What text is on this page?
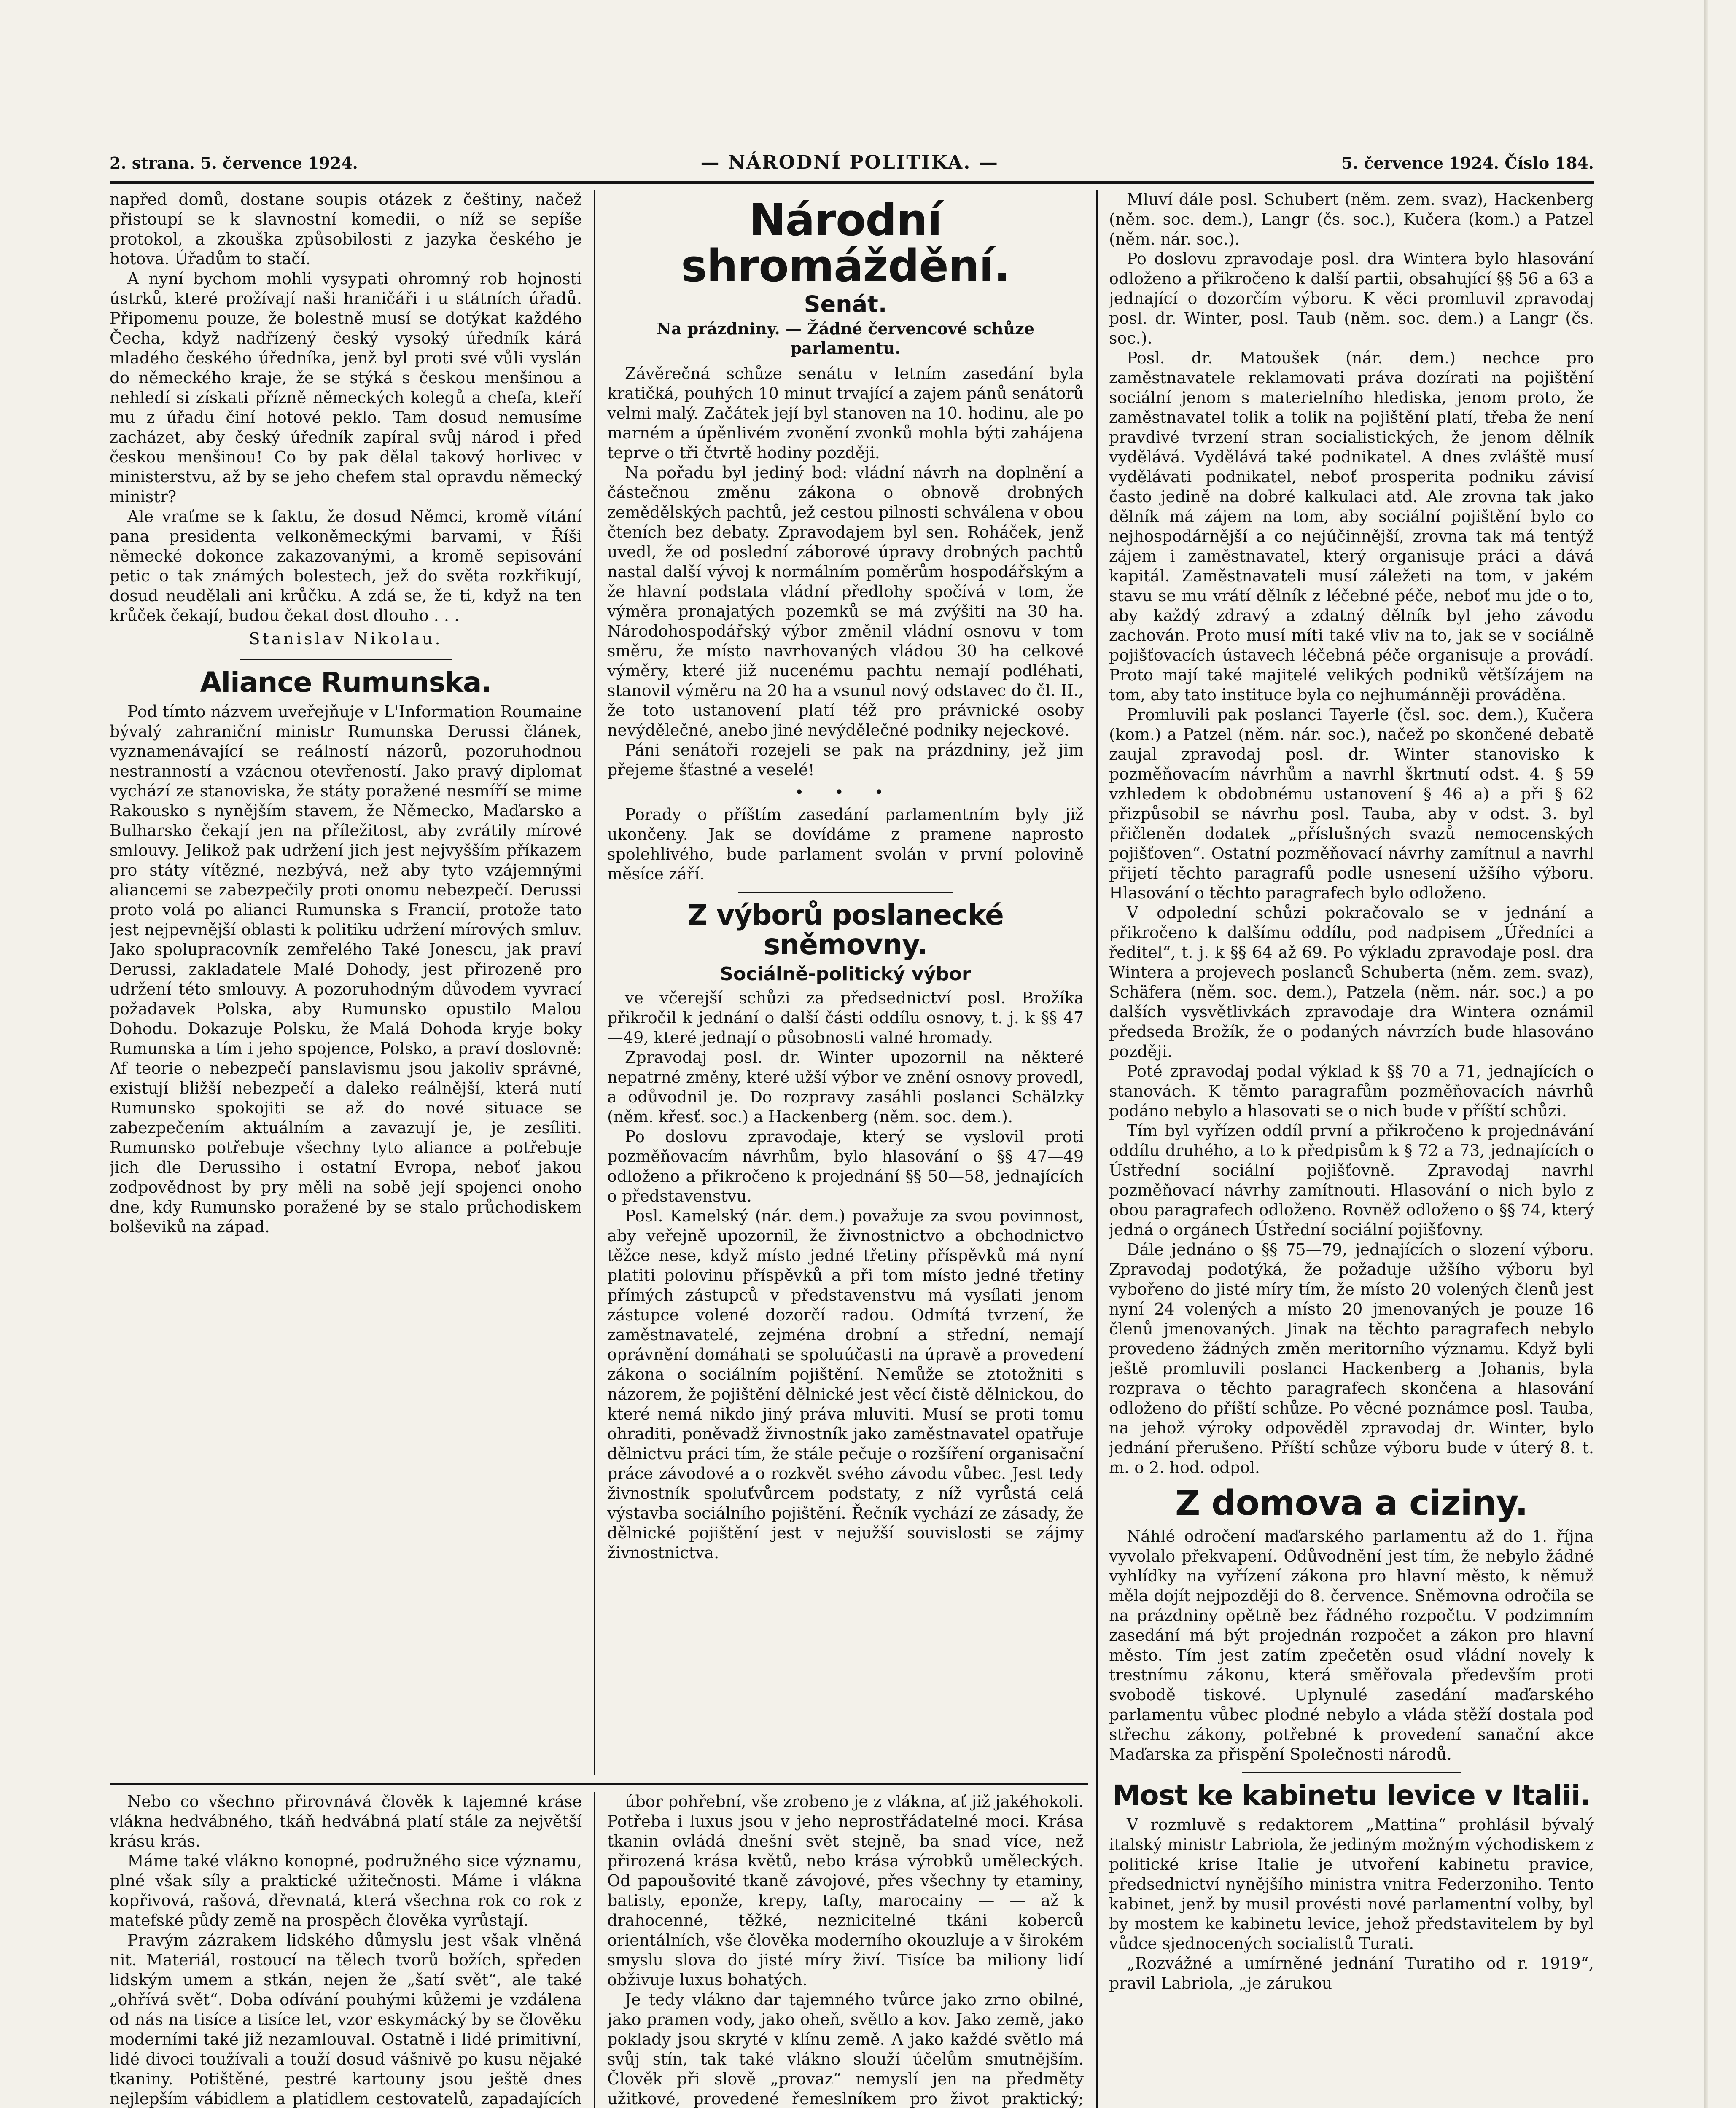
2. strana. 5. července 1924.	— NÁRODNÍ POLITIKA. —	5. července 1924. Číslo 184.

napřed domů, dostane soupis otázek z češtiny, načež přistoupí se k slavnostní komedii, o níž se sepíše protokol, a zkouška způsobilosti z jazyka českého je hotova. Úřadům to stačí.

A nyní bychom mohli vysypati ohromný rob hojnosti ústrků, které prožívají naši hraničáři i u státních úřadů. Připomenu pouze, že bolestně musí se dotýkat každého Čecha, když nadřízený český vysoký úředník kárá mladého českého úředníka, jenž byl proti své vůli vyslán do německého kraje, že se stýká s českou menšinou a nehledí si získati přízně německých kolegů a chefa, kteří mu z úřadu činí hotové peklo. Tam dosud nemusíme zacházet, aby český úředník zapíral svůj národ i před českou menšinou! Co by pak dělal takový horlivec v ministerstvu, až by se jeho chefem stal opravdu německý ministr?

Ale vraťme se k faktu, že dosud Němci, kromě vítání pana presidenta velkoněmeckými barvami, v Říši německé dokonce zakazovanými, a kromě sepisování petic o tak známých bolestech, jež do světa rozkřikují, dosud neudělali ani krůčku. A zdá se, že ti, když na ten krůček čekají, budou čekat dost dlouho . . .

Stanislav Nikolau.
Aliance Rumunska.

Pod tímto názvem uveřejňuje v L'Information Roumaine bývalý zahraniční ministr Rumunska Derussi článek, vyznamenávající se reálností názorů, pozoruhodnou nestranností a vzácnou otevřeností. Jako pravý diplomat vychází ze stanoviska, že státy poražené nesmíří se mime Rakousko s nynějším stavem, že Německo, Maďarsko a Bulharsko čekají jen na příležitost, aby zvrátily mírové smlouvy. Jelikož pak udržení jich jest nejvyšším příkazem pro státy vítězné, nezbývá, než aby tyto vzájemnými aliancemi se zabezpečily proti onomu nebezpečí. Derussi proto volá po alianci Rumunska s Francií, protože tato jest nejpevnější oblasti k politiku udržení mírových smluv. Jako spolupracovník zemřelého Také Jonescu, jak praví Derussi, zakladatele Malé Dohody, jest přirozeně pro udržení této smlouvy. A pozoruhodným důvodem vyvrací požadavek Polska, aby Rumunsko opustilo Malou Dohodu. Dokazuje Polsku, že Malá Dohoda kryje boky Rumunska a tím i jeho spojence, Polsko, a praví doslovně: Af teorie o nebezpečí panslavismu jsou jakoliv správné, existují bližší nebezpečí a daleko reálnější, která nutí Rumunsko spokojiti se až do nové situace se zabezpečením aktuálním a zavazují je, je zesíliti. Rumunsko potřebuje všechny tyto aliance a potřebuje jich dle Derussiho i ostatní Evropa, neboť jakou zodpovědnost by pry měli na sobě její spojenci onoho dne, kdy Rumunsko poražené by se stalo průchodiskem bolševiků na západ.

Národní shromáždění.
Senát.
Na prázdniny. — Žádné červencové schůze parlamentu.

Závěrečná schůze senátu v letním zasedání byla kratičká, pouhých 10 minut trvající a zajem pánů senátorů velmi malý. Začátek její byl stanoven na 10. hodinu, ale po marném a úpěnlivém zvonění zvonků mohla býti zahájena teprve o tři čtvrtě hodiny později.

Na pořadu byl jediný bod: vládní návrh na doplnění a částečnou změnu zákona o obnově drobných zemědělských pachtů, jež cestou pilnosti schválena v obou čteních bez debaty. Zpravodajem byl sen. Roháček, jenž uvedl, že od poslední záborové úpravy drobných pachtů nastal další vývoj k normálním poměrům hospodářským a že hlavní podstata vládní předlohy spočívá v tom, že výměra pronajatých pozemků se má zvýšiti na 30 ha. Národohospodářský výbor změnil vládní osnovu v tom směru, že místo navrhovaných vládou 30 ha celkové výměry, které již nucenému pachtu nemají podléhati, stanovil výměru na 20 ha a vsunul nový odstavec do čl. II., že toto ustanovení platí též pro právnické osoby nevýdělečné, anebo jiné nevýdělečné podniky nejeckové.

Páni senátoři rozejeli se pak na prázdniny, jež jim přejeme šťastné a veselé!

• • •

Porady o příštím zasedání parlamentním byly již ukončeny. Jak se dovídáme z pramene naprosto spolehlivého, bude parlament svolán v první polovině měsíce září.

Z výborů poslanecké sněmovny.
Sociálně-politický výbor

ve včerejší schůzi za předsednictví posl. Brožíka přikročil k jednání o další části oddílu osnovy, t. j. k §§ 47—49, které jednají o působnosti valné hromady.

Zpravodaj posl. dr. Winter upozornil na některé nepatrné změny, které užší výbor ve znění osnovy provedl, a odůvodnil je. Do rozpravy zasáhli poslanci Schälzky (něm. křesť. soc.) a Hackenberg (něm. soc. dem.).

Po doslovu zpravodaje, který se vyslovil proti pozměňovacím návrhům, bylo hlasování o §§ 47—49 odloženo a přikročeno k projednání §§ 50—58, jednajících o představenstvu.

Posl. Kamelský (nár. dem.) považuje za svou povinnost, aby veřejně upozornil, že živnostnictvo a obchodnictvo těžce nese, když místo jedné třetiny příspěvků má nyní platiti polovinu příspěvků a při tom místo jedné třetiny přímých zástupců v představenstvu má vysílati jenom zástupce volené dozorčí radou. Odmítá tvrzení, že zaměstnavatelé, zejména drobní a střední, nemají oprávnění domáhati se spoluúčasti na úpravě a provedení zákona o sociálním pojištění. Nemůže se ztotožniti s názorem, že pojištění dělnické jest věcí čistě dělnickou, do které nemá nikdo jiný práva mluviti. Musí se proti tomu ohraditi, poněvadž živnostník jako zaměstnavatel opatřuje dělnictvu práci tím, že stále pečuje o rozšíření organisační práce závodové a o rozkvět svého závodu vůbec. Jest tedy živnostník spoluťvůrcem podstaty, z níž vyrůstá celá výstavba sociálního pojištění. Řečník vychází ze zásady, že dělnické pojištění jest v nejužší souvislosti se zájmy živnostnictva.

Mluví dále posl. Schubert (něm. zem. svaz), Hackenberg (něm. soc. dem.), Langr (čs. soc.), Kučera (kom.) a Patzel (něm. nár. soc.).

Po doslovu zpravodaje posl. dra Wintera bylo hlasování odloženo a přikročeno k další partii, obsahující §§ 56 a 63 a jednající o dozorčím výboru. K věci promluvil zpravodaj posl. dr. Winter, posl. Taub (něm. soc. dem.) a Langr (čs. soc.).

Posl. dr. Matoušek (nár. dem.) nechce pro zaměstnavatele reklamovati práva dozírati na pojištění sociální jenom s materielního hlediska, jenom proto, že zaměstnavatel tolik a tolik na pojištění platí, třeba že není pravdivé tvrzení stran socialistických, že jenom dělník vydělává. Vydělává také podnikatel. A dnes zvláště musí vydělávati podnikatel, neboť prosperita podniku závisí často jedině na dobré kalkulaci atd. Ale zrovna tak jako dělník má zájem na tom, aby sociální pojištění bylo co nejhospodárnější a co nejúčinnější, zrovna tak má tentýž zájem i zaměstnavatel, který organisuje práci a dává kapitál. Zaměstnavateli musí záležeti na tom, v jakém stavu se mu vrátí dělník z léčebné péče, neboť mu jde o to, aby každý zdravý a zdatný dělník byl jeho závodu zachován. Proto musí míti také vliv na to, jak se v sociálně pojišťovacích ústavech léčebná péče organisuje a provádí. Proto mají také majitelé velikých podniků většízájem na tom, aby tato instituce byla co nejhumánněji prováděna.

Promluvili pak poslanci Tayerle (čsl. soc. dem.), Kučera (kom.) a Patzel (něm. nár. soc.), načež po skončené debatě zaujal zpravodaj posl. dr. Winter stanovisko k pozměňovacím návrhům a navrhl škrtnutí odst. 4. § 59 vzhledem k obdobnému ustanovení § 46 a) a při § 62 přizpůsobil se návrhu posl. Tauba, aby v odst. 3. byl přičleněn dodatek „příslušných svazů nemocenských pojišťoven“. Ostatní pozměňovací návrhy zamítnul a navrhl přijetí těchto paragrafů podle usnesení užšího výboru. Hlasování o těchto paragrafech bylo odloženo.

V odpolední schůzi pokračovalo se v jednání a přikročeno k dalšímu oddílu, pod nadpisem „Úředníci a ředitel“, t. j. k §§ 64 až 69. Po výkladu zpravodaje posl. dra Wintera a projevech poslanců Schuberta (něm. zem. svaz), Schäfera (něm. soc. dem.), Patzela (něm. nár. soc.) a po dalších vysvětlivkách zpravodaje dra Wintera oznámil předseda Brožík, že o podaných návrzích bude hlasováno později.

Poté zpravodaj podal výklad k §§ 70 a 71, jednajících o stanovách. K těmto paragrafům pozměňovacích návrhů podáno nebylo a hlasovati se o nich bude v příští schůzi.

Tím byl vyřízen oddíl první a přikročeno k projednávání oddílu druhého, a to k předpisům k § 72 a 73, jednajících o Ústřední sociální pojišťovně. Zpravodaj navrhl pozměňovací návrhy zamítnouti. Hlasování o nich bylo z obou paragrafech odloženo. Rovněž odloženo o §§ 74, který jedná o orgánech Ústřední sociální pojišťovny.

Dále jednáno o §§ 75—79, jednajících o slození výboru. Zpravodaj podotýká, že požaduje užšího výboru byl vybořeno do jisté míry tím, že místo 20 volených členů jest nyní 24 volených a místo 20 jmenovaných je pouze 16 členů jmenovaných. Jinak na těchto paragrafech nebylo provedeno žádných změn meritorního významu. Když byli ještě promluvili poslanci Hackenberg a Johanis, byla rozprava o těchto paragrafech skončena a hlasování odloženo do příští schůze. Po věcné poznámce posl. Tauba, na jehož výroky odpověděl zpravodaj dr. Winter, bylo jednání přerušeno. Příští schůze výboru bude v úterý 8. t. m. o 2. hod. odpol.

Z domova a ciziny.

Náhlé odročení maďarského parlamentu až do 1. října vyvolalo překvapení. Odůvodnění jest tím, že nebylo žádné vyhlídky na vyřízení zákona pro hlavní město, k němuž měla dojít nejpozději do 8. července. Sněmovna odročila se na prázdniny opětně bez řádného rozpočtu. V podzimním zasedání má být projednán rozpočet a zákon pro hlavní město. Tím jest zatím zpečetěn osud vládní novely k trestnímu zákonu, která směřovala především proti svobodě tiskové. Uplynulé zasedání maďarského parlamentu vůbec plodné nebylo a vláda stěží dostala pod střechu zákony, potřebné k provedení sanační akce Maďarska za přispění Společnosti národů.

Most ke kabinetu levice v Italii.

V rozmluvě s redaktorem „Mattina“ prohlásil bývalý italský ministr Labriola, že jediným možným východiskem z politické krise Italie je utvoření kabinetu pravice, předsednictví nynějšího ministra vnitra Federzoniho. Tento kabinet, jenž by musil provésti nové parlamentní volby, byl by mostem ke kabinetu levice, jehož představitelem by byl vůdce sjednocených socialistů Turati.

„Rozvážné a umírněné jednání Turatiho od r. 1919“, pravil Labriola, „je zárukou

Nebo co všechno přirovnává člověk k tajemné kráse vlákna hedvábného, tkáň hedvábná platí stále za největší krásu krás.

Máme také vlákno konopné, podružného sice významu, plné však síly a praktické užitečnosti. Máme i vlákna kopřivová, rašová, dřevnatá, která všechna rok co rok z matefské půdy země na prospěch člověka vyrůstají.

Pravým zázrakem lidského důmyslu jest však vlněná nit. Materiál, rostoucí na tělech tvorů božích, spředen lidským umem a stkán, nejen že „šatí svět“, ale také „ohřívá svět“. Doba odívání pouhými kůžemi je vzdálena od nás na tisíce a tisíce let, vzor eskymácký by se člověku moderními také již nezamlouval. Ostatně i lidé primitivní, lidé divoci toužívali a touží dosud vášnivě po kusu nějaké tkaniny. Potištěné, pestré kartouny jsou ještě dnes nejlepším vábidlem a platidlem cestovatelů, zapadajících

úbor pohřební, vše zrobeno je z vlákna, ať již jakéhokoli. Potřeba i luxus jsou v jeho neprostřádatelné moci. Krása tkanin ovládá dnešní svět stejně, ba snad více, než přirozená krása květů, nebo krása výrobků uměleckých. Od papoušovité tkaně závojové, přes všechny ty etaminy, batisty, eponže, krepy, tafty, marocainy — — až k drahocenné, těžké, neznicitelné tkáni koberců orientálních, vše člověka moderního okouzluje a v širokém smyslu slova do jisté míry živí. Tisíce ba miliony lidí obživuje luxus bohatých.

Je tedy vlákno dar tajemného tvůrce jako zrno obilné, jako pramen vody, jako oheň, světlo a kov. Jako země, jako poklady jsou skryté v klínu země. A jako každé světlo má svůj stín, tak také vlákno slouží účelům smutnějším. Člověk při slově „provaz“ nemyslí jen na předměty užitkové, provedené řemeslníkem pro život praktický;
